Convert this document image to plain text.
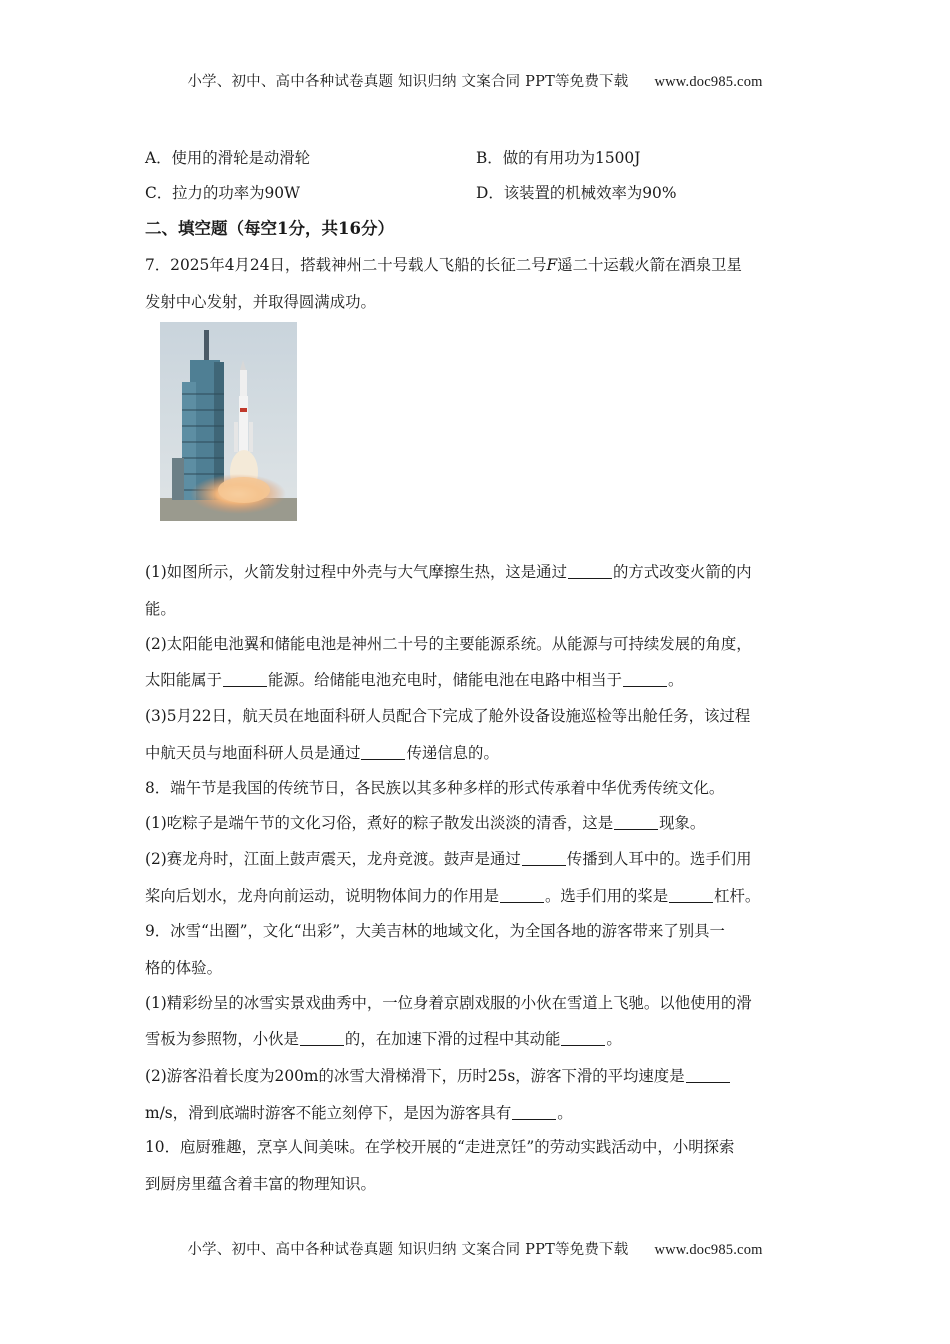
小学、初中、高中各种试卷真题 知识归纳 文案合同 PPT等免费下载 www.doc985.com
A．使用的滑轮是动滑轮	B．做的有用功为1500J
C．拉力的功率为90W	D．该装置的机械效率为90%
二、填空题（每空1分，共16分）
7．2025年4月24日，搭载神州二十号载人飞船的长征二号F遥二十运载火箭在酒泉卫星
发射中心发射，并取得圆满成功。
(1)如图所示，火箭发射过程中外壳与大气摩擦生热，这是通过	的方式改变火箭的内
能。
(2)太阳能电池翼和储能电池是神州二十号的主要能源系统。从能源与可持续发展的角度，
太阳能属于	能源。给储能电池充电时，储能电池在电路中相当于	。
(3)5月22日，航天员在地面科研人员配合下完成了舱外设备设施巡检等出舱任务，该过程
中航天员与地面科研人员是通过	传递信息的。
8．端午节是我国的传统节日，各民族以其多种多样的形式传承着中华优秀传统文化。
(1)吃粽子是端午节的文化习俗，煮好的粽子散发出淡淡的清香，这是	现象。
(2)赛龙舟时，江面上鼓声震天，龙舟竞渡。鼓声是通过	传播到人耳中的。选手们用
桨向后划水，龙舟向前运动，说明物体间力的作用是	。选手们用的桨是	杠杆。
9．冰雪“出圈”，文化“出彩”，大美吉林的地域文化，为全国各地的游客带来了别具一
格的体验。
(1)精彩纷呈的冰雪实景戏曲秀中，一位身着京剧戏服的小伙在雪道上飞驰。以他使用的滑
雪板为参照物，小伙是	的，在加速下滑的过程中其动能	。
(2)游客沿着长度为200m的冰雪大滑梯滑下，历时25s，游客下滑的平均速度是
m/s，滑到底端时游客不能立刻停下，是因为游客具有	。
10．庖厨雅趣，烹享人间美味。在学校开展的“走进烹饪”的劳动实践活动中，小明探索
到厨房里蕴含着丰富的物理知识。
小学、初中、高中各种试卷真题 知识归纳 文案合同 PPT等免费下载 www.doc985.com
